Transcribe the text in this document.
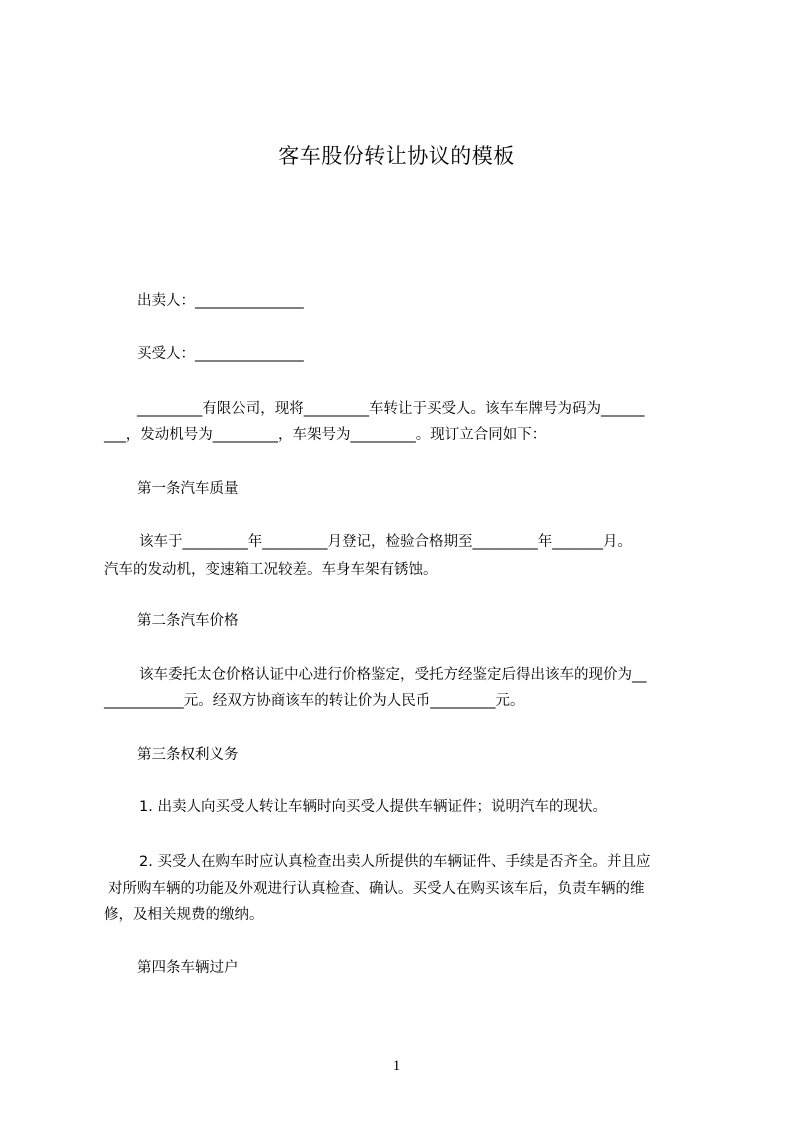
客车股份转让协议的模板
出卖人：_______________
买受人：_______________
_________有限公司，现将_________车转让于买受人。该车车牌号为码为______
___，发动机号为_________，车架号为_________。现订立合同如下：
第一条汽车质量
该车于_________年_________月登记，检验合格期至_________年_______月。
汽车的发动机，变速箱工况较差。车身车架有锈蚀。
第二条汽车价格
该车委托太仓价格认证中心进行价格鉴定，受托方经鉴定后得出该车的现价为__
___________元。经双方协商该车的转让价为人民币_________元。
第三条权利义务
1. 出卖人向买受人转让车辆时向买受人提供车辆证件；说明汽车的现状。
2. 买受人在购车时应认真检查出卖人所提供的车辆证件、手续是否齐全。并且应
对所购车辆的功能及外观进行认真检查、确认。买受人在购买该车后，负责车辆的维
修，及相关规费的缴纳。
第四条车辆过户
1
